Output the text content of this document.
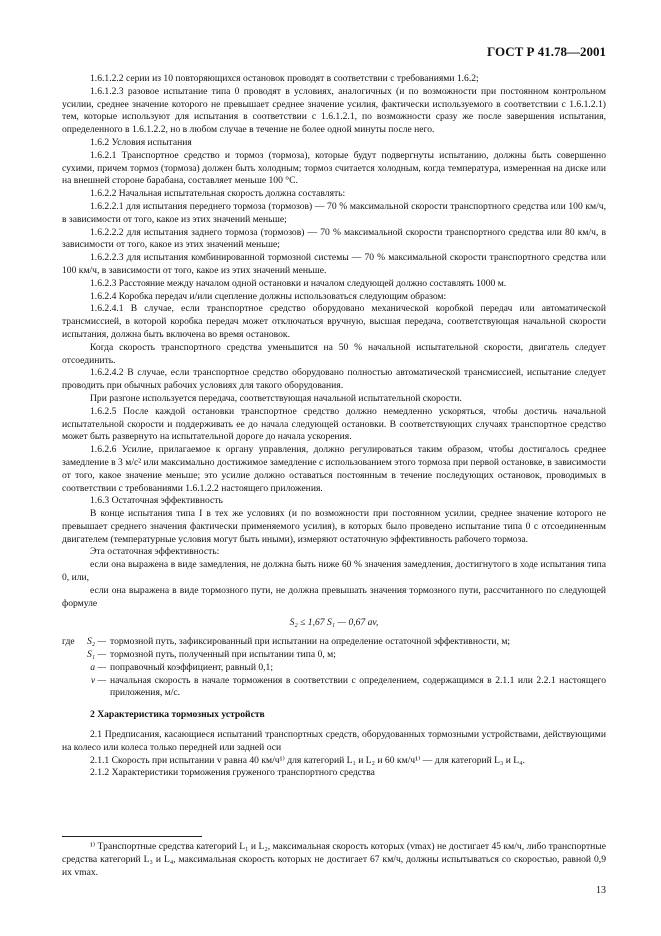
ГОСТ Р 41.78—2001

1.6.1.2.2 серии из 10 повторяющихся остановок проводят в соответствии с требованиями 1.6.2;

1.6.1.2.3 разовое испытание типа 0 проводят в условиях, аналогичных (и по возможности при постоянном контрольном усилии, среднее значение которого не превышает среднее значение усилия, фактически используемого в соответствии с 1.6.1.2.1) тем, которые используют для испытания в соответствии с 1.6.1.2.1, по возможности сразу же после завершения испытания, определенного в 1.6.1.2.2, но в любом случае в течение не более одной минуты после него.

1.6.2 Условия испытания

1.6.2.1 Транспортное средство и тормоз (тормоза), которые будут подвергнуты испытанию, должны быть совершенно сухими, причем тормоз (тормоза) должен быть холодным; тормоз считается холодным, когда температура, измеренная на диске или на внешней стороне барабана, составляет меньше 100 °С.

1.6.2.2 Начальная испытательная скорость должна составлять:

1.6.2.2.1 для испытания переднего тормоза (тормозов) — 70 % максимальной скорости транспортного средства или 100 км/ч, в зависимости от того, какое из этих значений меньше;

1.6.2.2.2 для испытания заднего тормоза (тормозов) — 70 % максимальной скорости транспортного средства или 80 км/ч, в зависимости от того, какое из этих значений меньше;

1.6.2.2.3 для испытания комбинированной тормозной системы — 70 % максимальной скорости транспортного средства или 100 км/ч, в зависимости от того, какое из этих значений меньше.

1.6.2.3 Расстояние между началом одной остановки и началом следующей должно составлять 1000 м.

1.6.2.4 Коробка передач и/или сцепление должны использоваться следующим образом:

1.6.2.4.1 В случае, если транспортное средство оборудовано механической коробкой передач или автоматической трансмиссией, в которой коробка передач может отключаться вручную, высшая передача, соответствующая начальной скорости испытания, должна быть включена во время остановок.

Когда скорость транспортного средства уменьшится на 50 % начальной испытательной скорости, двигатель следует отсоединить.

1.6.2.4.2 В случае, если транспортное средство оборудовано полностью автоматической трансмиссией, испытание следует проводить при обычных рабочих условиях для такого оборудования.

При разгоне используется передача, соответствующая начальной испытательной скорости.

1.6.2.5 После каждой остановки транспортное средство должно немедленно ускоряться, чтобы достичь начальной испытательной скорости и поддерживать ее до начала следующей остановки. В соответствующих случаях транспортное средство может быть развернуто на испытательной дороге до начала ускорения.

1.6.2.6 Усилие, прилагаемое к органу управления, должно регулироваться таким образом, чтобы достигалось среднее замедление в 3 м/с² или максимально достижимое замедление с использованием этого тормоза при первой остановке, в зависимости от того, какое значение меньше; это усилие должно оставаться постоянным в течение последующих остановок, проводимых в соответствии с требованиями 1.6.1.2.2 настоящего приложения.

1.6.3 Остаточная эффективность

В конце испытания типа I в тех же условиях (и по возможности при постоянном усилии, среднее значение которого не превышает среднего значения фактически применяемого усилия), в которых было проведено испытание типа 0 с отсоединенным двигателем (температурные условия могут быть иными), измеряют остаточную эффективность рабочего тормоза.

Эта остаточная эффективность:

если она выражена в виде замедления, не должна быть ниже 60 % значения замедления, достигнутого в ходе испытания типа 0, или,

если она выражена в виде тормозного пути, не должна превышать значения тормозного пути, рассчитанного по следующей формуле

S₂ ≤ 1,67 S₁ — 0,67 av,

где	S₂ — тормозной путь, зафиксированный при испытании на определение остаточной эффективности, м;
S₁ — тормозной путь, полученный при испытании типа 0, м;
a — поправочный коэффициент, равный 0,1;
v — начальная скорость в начале торможения в соответствии с определением, содержащимся в 2.1.1 или 2.2.1 настоящего приложения, м/с.

2 Характеристика тормозных устройств

2.1 Предписания, касающиеся испытаний транспортных средств, оборудованных тормозными устройствами, действующими на колесо или колеса только передней или задней оси

2.1.1 Скорость при испытании v равна 40 км/ч¹⁾ для категорий L₁ и L₂ и 60 км/ч¹⁾ — для категорий L₃ и L₄.

2.1.2 Характеристики торможения груженого транспортного средства

¹⁾ Транспортные средства категорий L₁ и L₂, максимальная скорость которых (vmax) не достигает 45 км/ч, либо транспортные средства категорий L₃ и L₄, максимальная скорость которых не достигает 67 км/ч, должны испытываться со скоростью, равной 0,9 их vmax.

13
